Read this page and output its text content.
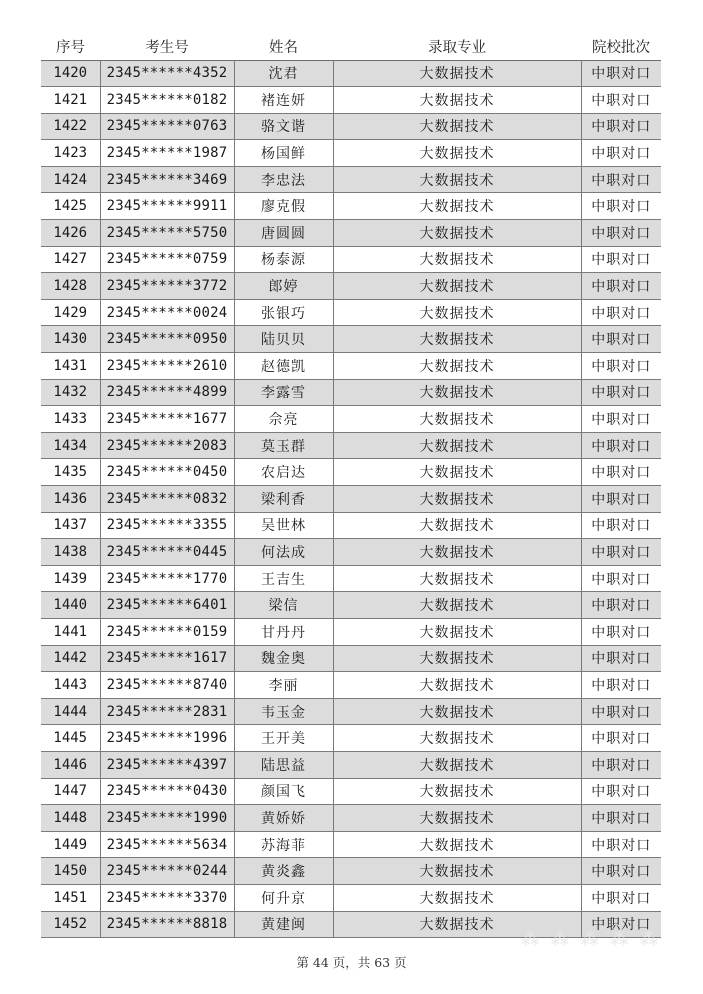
序号	考生号	姓名	录取专业	院校批次
1420	2345******4352	沈君	大数据技术	中职对口
1421	2345******0182	褚连妍	大数据技术	中职对口
1422	2345******0763	骆文谐	大数据技术	中职对口
1423	2345******1987	杨国鲜	大数据技术	中职对口
1424	2345******3469	李忠法	大数据技术	中职对口
1425	2345******9911	廖克假	大数据技术	中职对口
1426	2345******5750	唐圆圆	大数据技术	中职对口
1427	2345******0759	杨泰源	大数据技术	中职对口
1428	2345******3772	郎婷	大数据技术	中职对口
1429	2345******0024	张银巧	大数据技术	中职对口
1430	2345******0950	陆贝贝	大数据技术	中职对口
1431	2345******2610	赵德凯	大数据技术	中职对口
1432	2345******4899	李露雪	大数据技术	中职对口
1433	2345******1677	佘亮	大数据技术	中职对口
1434	2345******2083	莫玉群	大数据技术	中职对口
1435	2345******0450	农启达	大数据技术	中职对口
1436	2345******0832	梁利香	大数据技术	中职对口
1437	2345******3355	吴世林	大数据技术	中职对口
1438	2345******0445	何法成	大数据技术	中职对口
1439	2345******1770	王吉生	大数据技术	中职对口
1440	2345******6401	梁信	大数据技术	中职对口
1441	2345******0159	甘丹丹	大数据技术	中职对口
1442	2345******1617	魏金奥	大数据技术	中职对口
1443	2345******8740	李丽	大数据技术	中职对口
1444	2345******2831	韦玉金	大数据技术	中职对口
1445	2345******1996	王开美	大数据技术	中职对口
1446	2345******4397	陆思益	大数据技术	中职对口
1447	2345******0430	颜国飞	大数据技术	中职对口
1448	2345******1990	黄娇娇	大数据技术	中职对口
1449	2345******5634	苏海菲	大数据技术	中职对口
1450	2345******0244	黄炎鑫	大数据技术	中职对口
1451	2345******3370	何升京	大数据技术	中职对口
1452	2345******8818	黄建闽	大数据技术	中职对口
⁂ ⁂ ⁂ ⁂ ⁂
第 44 页，共 63 页
